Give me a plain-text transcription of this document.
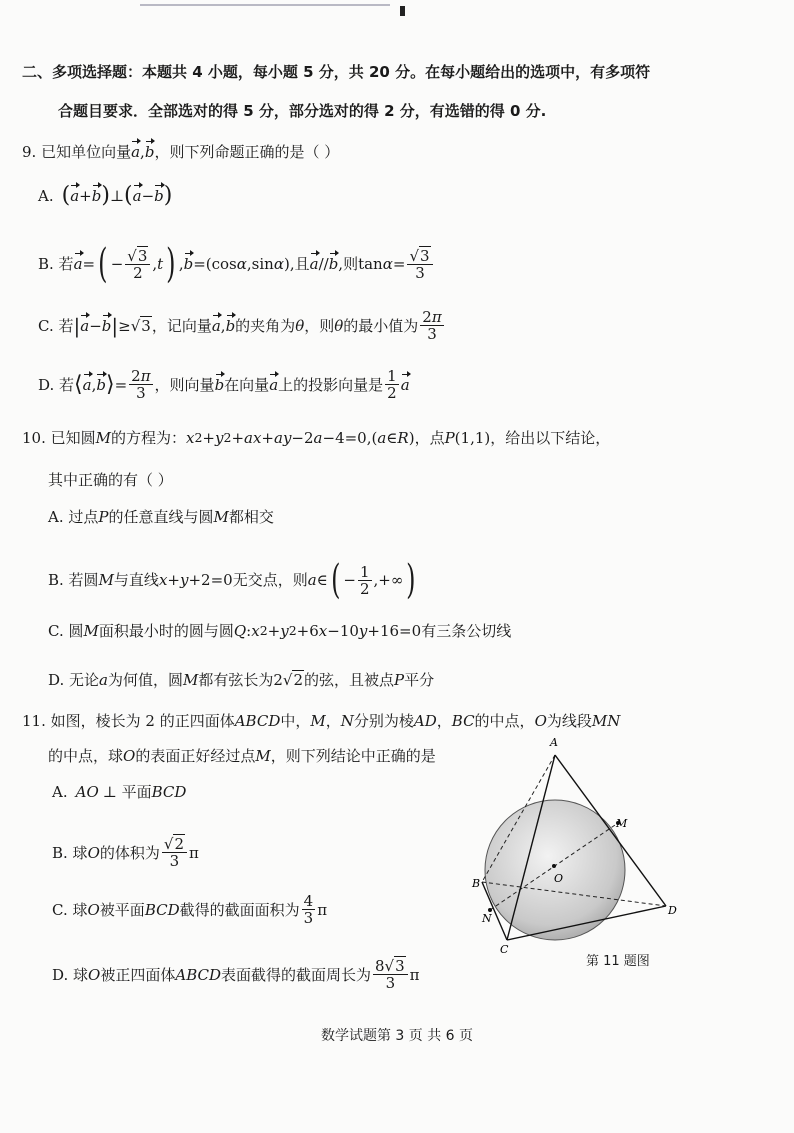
二、多项选择题：本题共 4 小题，每小题 5 分，共 20 分。在每小题给出的选项中，有多项符
合题目要求．全部选对的得 5 分，部分选对的得 2 分，有选错的得 0 分.
9. 已知单位向量 a , b ，则下列命题正确的是（ ）
A. ( a + b ) ⊥ ( a − b )
B. 若 a = ( − $\frac{√3}{2}$ , t ) , b =(cos α ,sin α ), 且 a // b , 则$\tan \alpha = \frac{√3}{3}$
C. 若 | a − b | ≥√ 3 ，记向量 a , b 的夹角为 θ ，则 θ 的最小值为 $\frac{2\pi}{3}$
D. 若 ⟨ a , b ⟩ = $\frac{2\pi}{3}$ ，则向量 b 在向量 a 上的投影向量是 $\frac{1}{2}$ a
10. 已知圆 M 的方程为： x 2 + y 2 + ax + ay −2 a −4=0,( a ∈ R ) ，点 P (1,1) ，给出以下结论，
其中正确的有（ ）
A. 过点 P 的任意直线与圆 M 都相交
B. 若圆 M 与直线 x + y +2=0 无交点，则 a ∈ ( − $\frac{1}{2}$ ,+∞ )
C. 圆 M 面积最小时的圆与圆 Q : x 2 + y 2 +6 x −10 y +16=0 有三条公切线
D. 无论 a 为何值，圆 M 都有弦长为 2√ 2 的弦，且被点 P 平分
11. 如图，棱长为 2 的正四面体 ABCD 中， M ， N 分别为棱 AD ， BC 的中点， O 为线段 MN
的中点，球 O 的表面正好经过点 M ，则下列结论中正确的是
A. AO ⊥ 平面 BCD
B. 球 O 的体积为 $\frac{√2}{3}$ π
C. 球 O 被平面 BCD 截得的截面面积为 $\frac{4}{3}$ π
D. 球 O 被正四面体 ABCD 表面截得的截面周长为 $\frac{8√3}{3}$ π
A
B
C
D
M
N
O
第 11 题图
数学试题第 3 页 共 6 页
